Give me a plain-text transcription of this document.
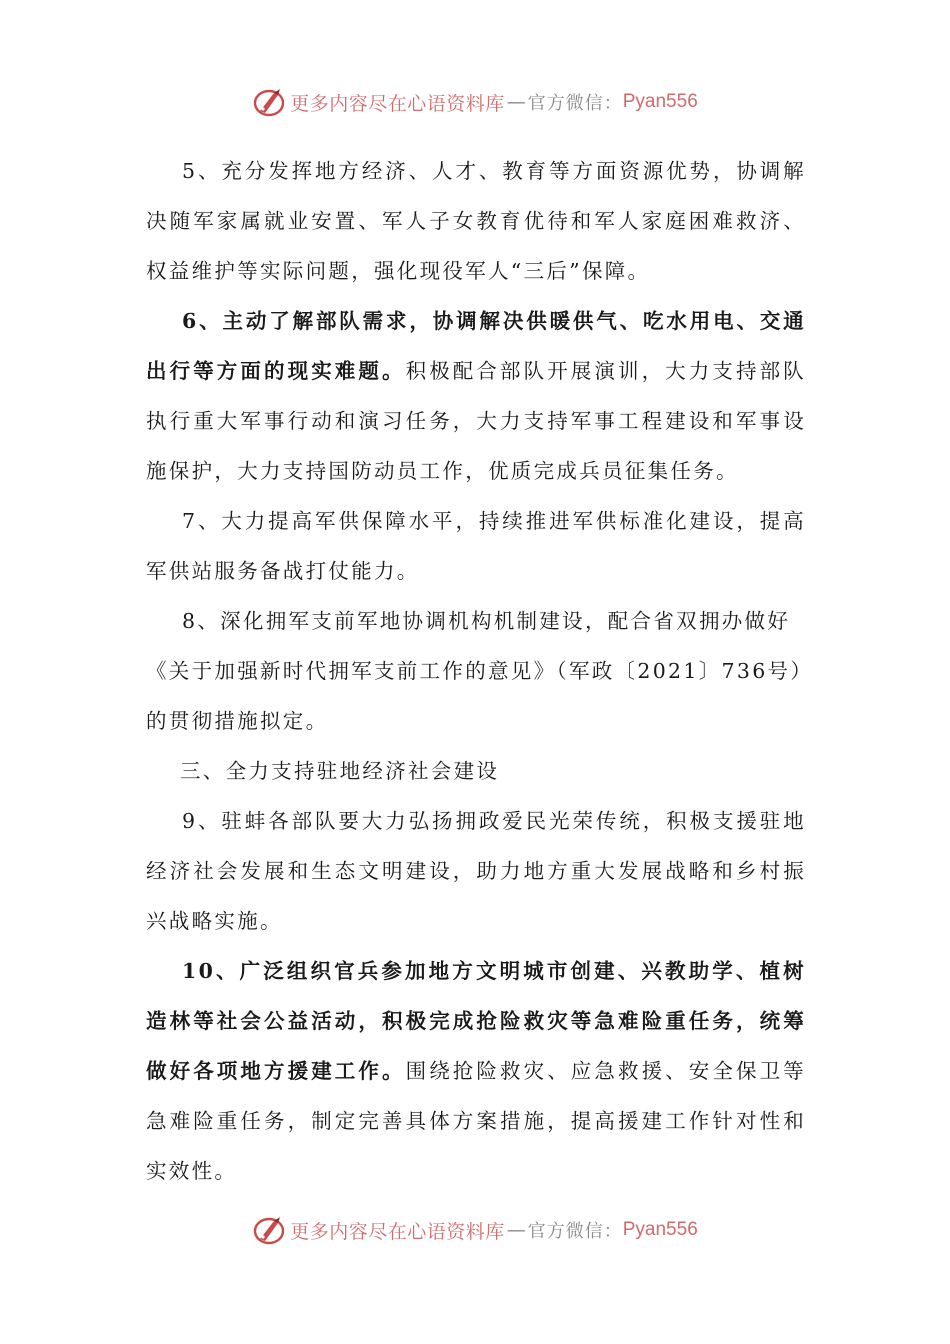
更多内容尽在心语资料库 — 官方微信： Pyan556

5、充分发挥地方经济、人才、教育等方面资源优势，协调解决随军家属就业安置、军人子女教育优待和军人家庭困难救济、权益维护等实际问题，强化现役军人“三后”保障。

6、主动了解部队需求，协调解决供暖供气、吃水用电、交通出行等方面的现实难题。积极配合部队开展演训，大力支持部队执行重大军事行动和演习任务，大力支持军事工程建设和军事设施保护，大力支持国防动员工作，优质完成兵员征集任务。

7、大力提高军供保障水平，持续推进军供标准化建设，提高军供站服务备战打仗能力。

8、深化拥军支前军地协调机构机制建设，配合省双拥办做好
《关于加强新时代拥军支前工作的意见》（军政〔2021〕736号）
的贯彻措施拟定。

三、全力支持驻地经济社会建设

9、驻蚌各部队要大力弘扬拥政爱民光荣传统，积极支援驻地经济社会发展和生态文明建设，助力地方重大发展战略和乡村振兴战略实施。

10、广泛组织官兵参加地方文明城市创建、兴教助学、植树造林等社会公益活动，积极完成抢险救灾等急难险重任务，统筹做好各项地方援建工作。围绕抢险救灾、应急救援、安全保卫等急难险重任务，制定完善具体方案措施，提高援建工作针对性和实效性。

更多内容尽在心语资料库 — 官方微信： Pyan556
